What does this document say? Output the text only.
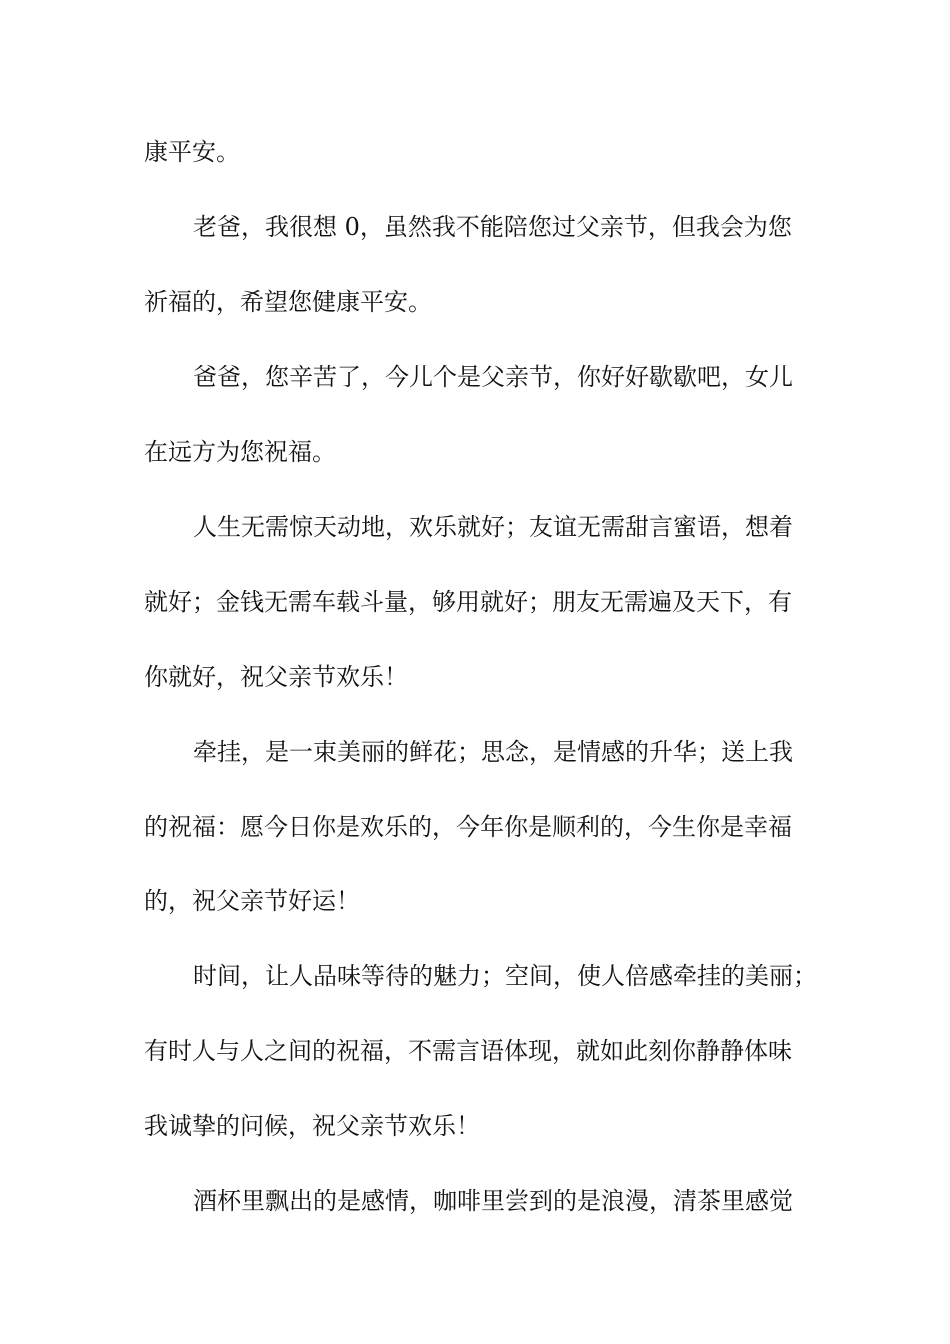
康平安。
老爸，我很想 0，虽然我不能陪您过父亲节，但我会为您
祈福的，希望您健康平安。
爸爸，您辛苦了，今儿个是父亲节，你好好歇歇吧，女儿
在远方为您祝福。
人生无需惊天动地，欢乐就好；友谊无需甜言蜜语，想着
就好；金钱无需车载斗量，够用就好；朋友无需遍及天下，有
你就好，祝父亲节欢乐！
牵挂，是一束美丽的鲜花；思念，是情感的升华；送上我
的祝福：愿今日你是欢乐的，今年你是顺利的，今生你是幸福
的，祝父亲节好运！
时间，让人品味等待的魅力；空间，使人倍感牵挂的美丽；
有时人与人之间的祝福，不需言语体现，就如此刻你静静体味
我诚挚的问候，祝父亲节欢乐！
酒杯里飘出的是感情，咖啡里尝到的是浪漫，清茶里感觉
